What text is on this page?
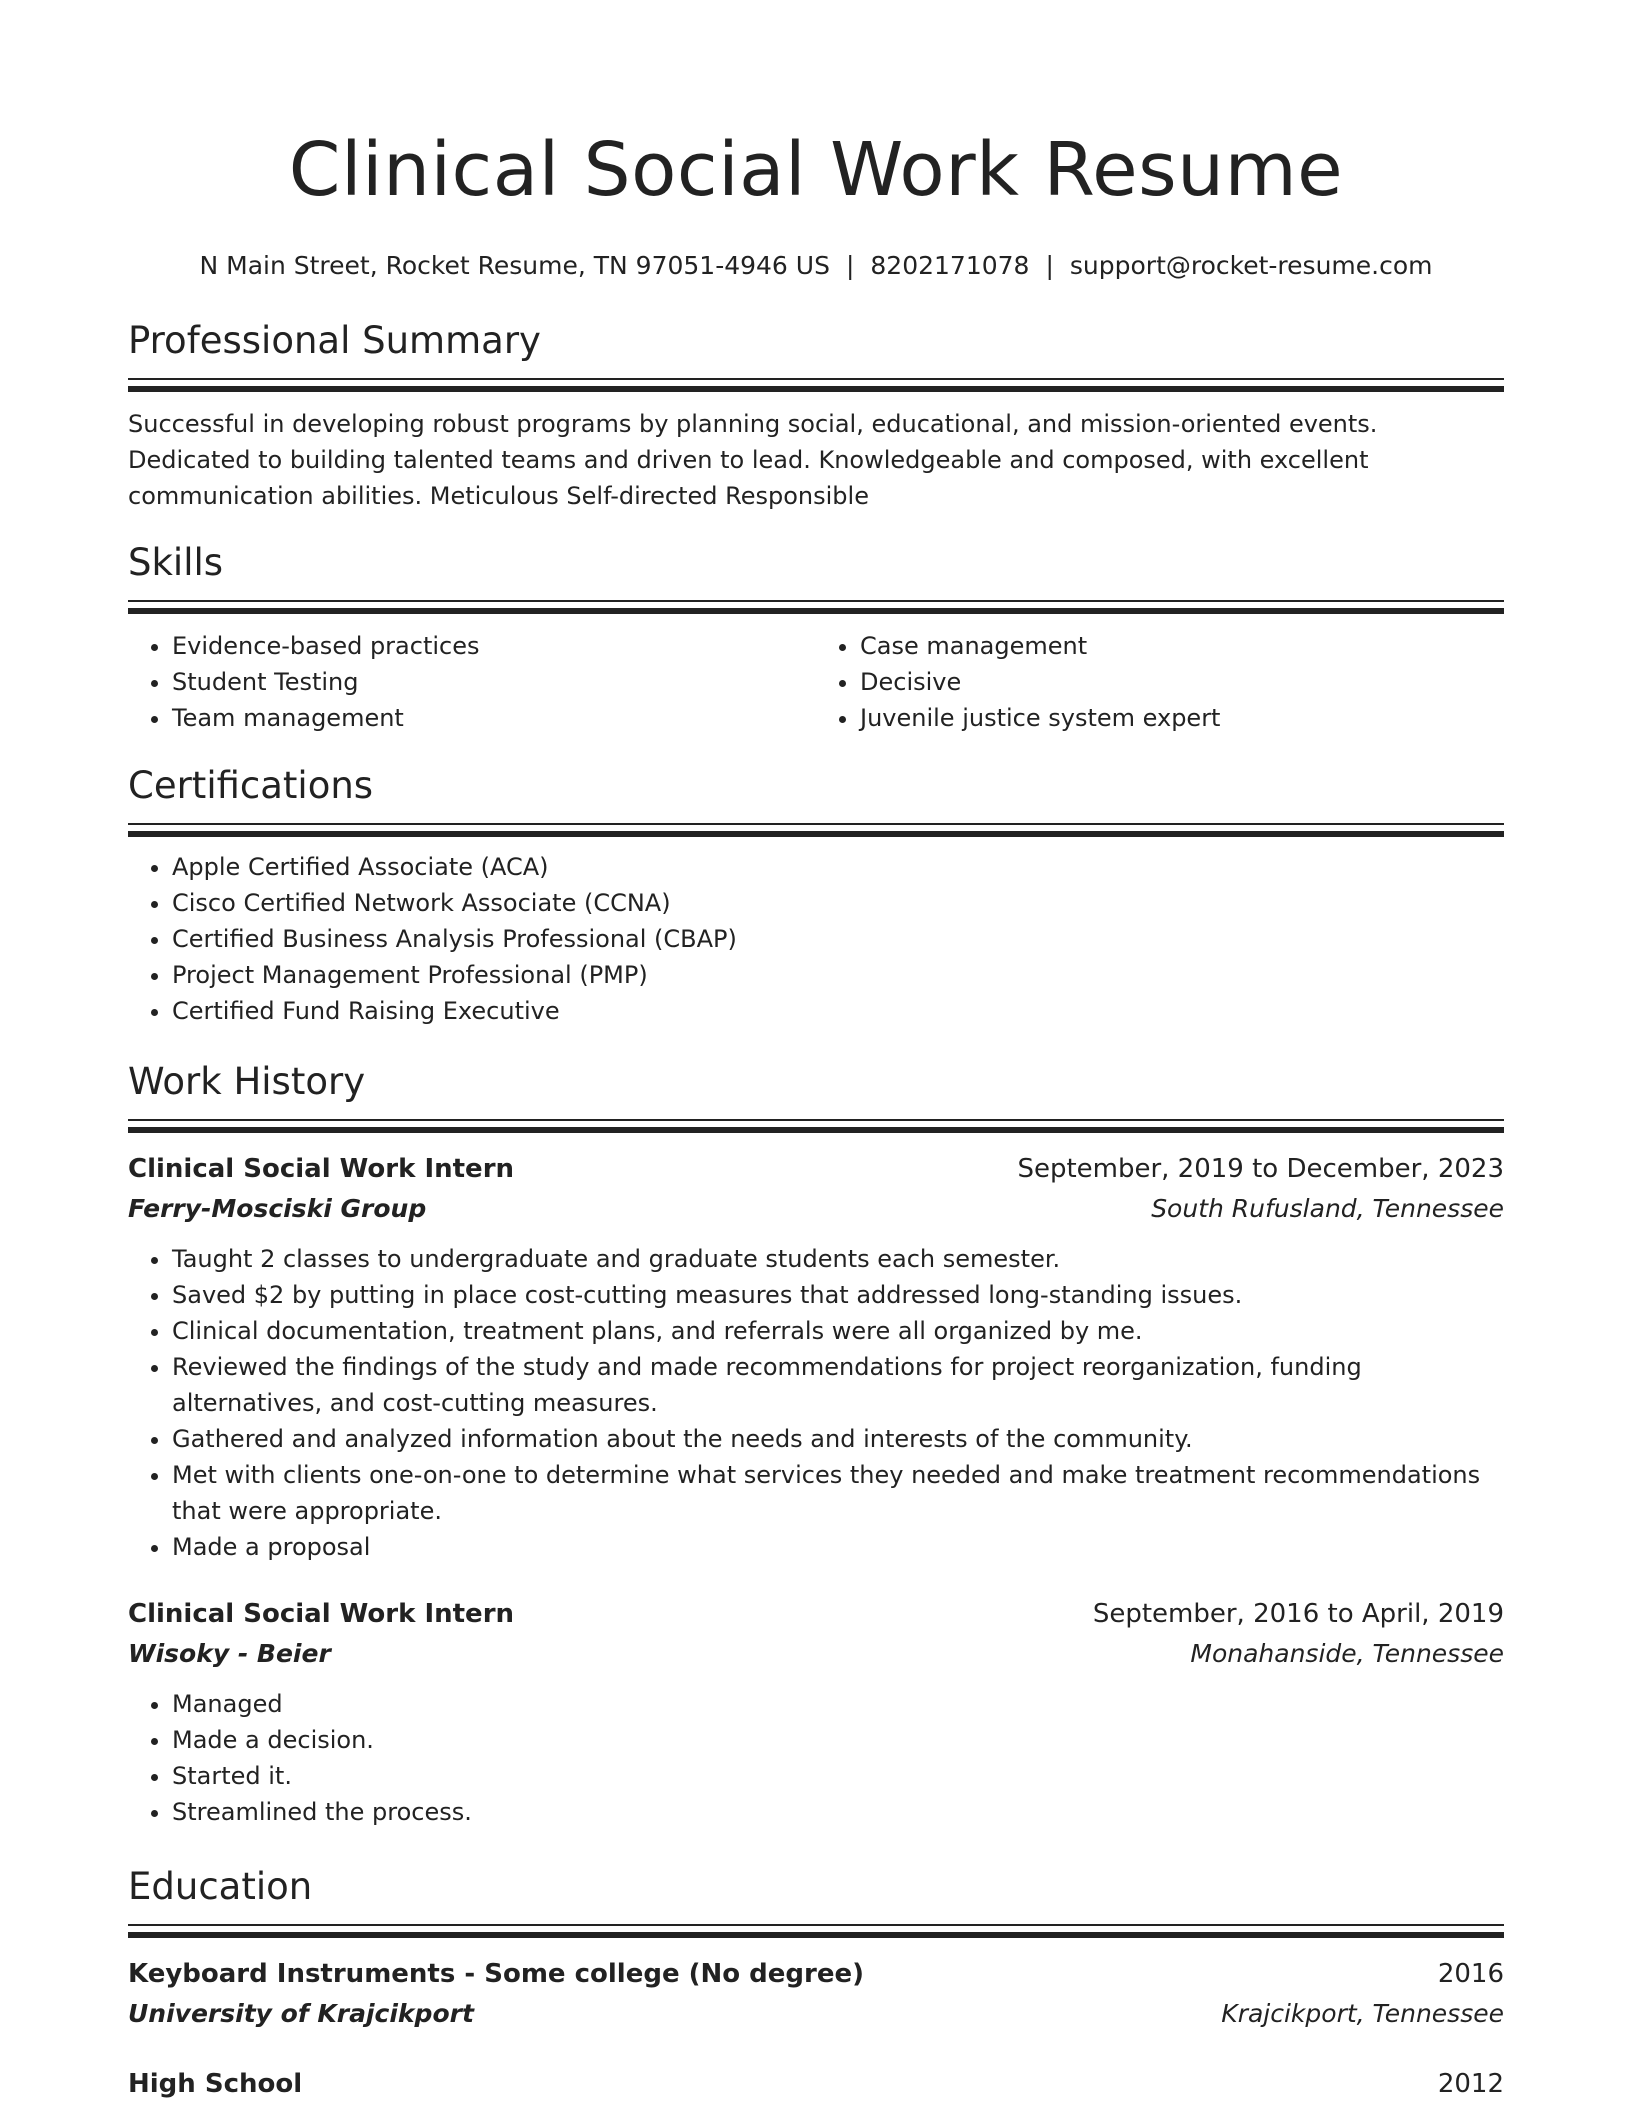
Clinical Social Work Resume
N Main Street, Rocket Resume, TN 97051-4946 US | 8202171078 | support@rocket-resume.com
Professional Summary

Successful in developing robust programs by planning social, educational, and mission-oriented events. Dedicated to building talented teams and driven to lead. Knowledgeable and composed, with excellent communication abilities. Meticulous Self-directed Responsible

Skills
• Evidence-based practices
• Student Testing
• Team management
• Case management
• Decisive
• Juvenile justice system expert
Certifications
• Apple Certified Associate (ACA)
• Cisco Certified Network Associate (CCNA)
• Certified Business Analysis Professional (CBAP)
• Project Management Professional (PMP)
• Certified Fund Raising Executive
Work History
Clinical Social Work Intern	September, 2019 to December, 2023
Ferry-Mosciski Group	South Rufusland, Tennessee
• Taught 2 classes to undergraduate and graduate students each semester.
• Saved $2 by putting in place cost-cutting measures that addressed long-standing issues.
• Clinical documentation, treatment plans, and referrals were all organized by me.
• Reviewed the findings of the study and made recommendations for project reorganization, funding alternatives, and cost-cutting measures.
• Gathered and analyzed information about the needs and interests of the community.
• Met with clients one-on-one to determine what services they needed and make treatment recommendations that were appropriate.
• Made a proposal
Clinical Social Work Intern	September, 2016 to April, 2019
Wisoky - Beier	Monahanside, Tennessee
• Managed
• Made a decision.
• Started it.
• Streamlined the process.
Education
Keyboard Instruments - Some college (No degree)	2016
University of Krajcikport	Krajcikport, Tennessee
High School	2012
